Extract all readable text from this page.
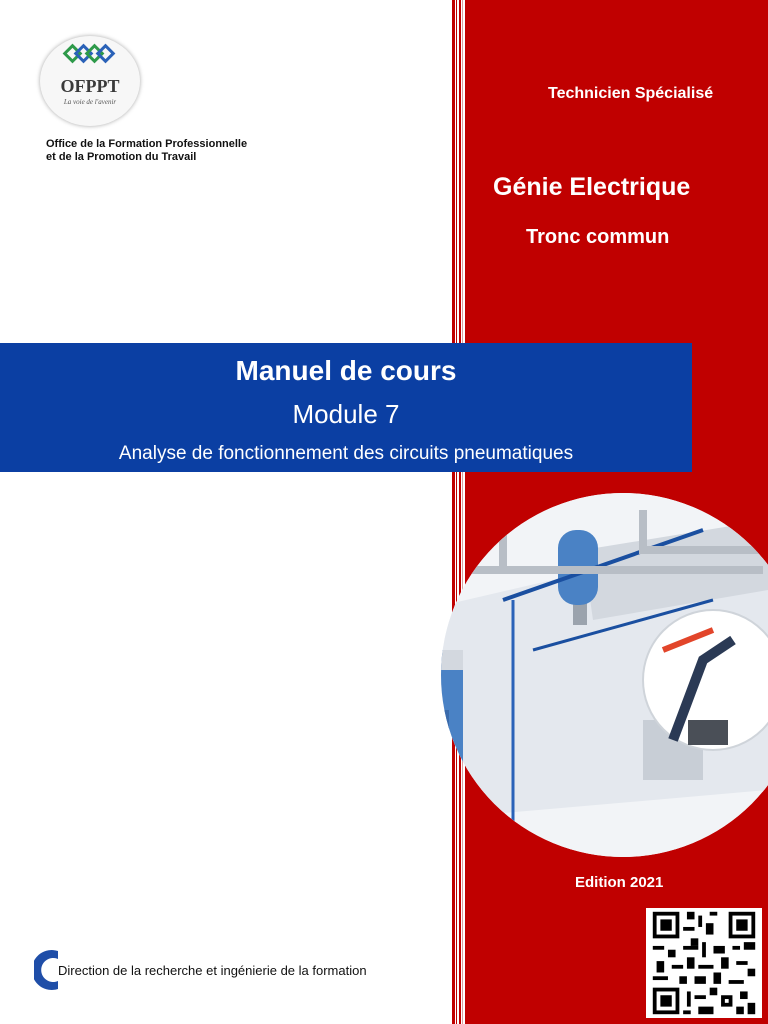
OFPPT
La voie de l'avenir
Office de la Formation Professionnelle
et de la Promotion du Travail
Technicien Spécialisé
Génie Electrique
Tronc commun
Manuel de cours
Module 7
Analyse de fonctionnement des circuits pneumatiques
Edition 2021
Direction de la recherche et ingénierie de la formation
